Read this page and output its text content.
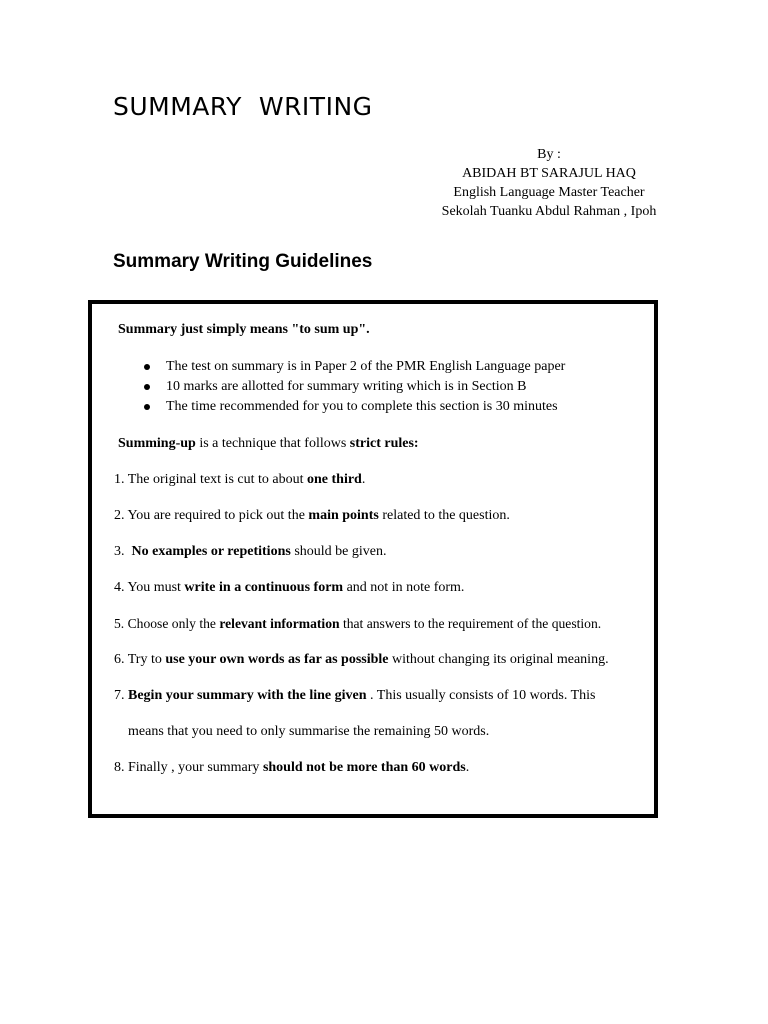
SUMMARY  WRITING
By :
ABIDAH BT SARAJUL HAQ
English Language Master Teacher
Sekolah Tuanku Abdul Rahman , Ipoh
Summary Writing Guidelines
Summary just simply means "to sum up".
The test on summary is in Paper 2 of the PMR English Language paper
10 marks are allotted for summary writing which is in Section B
The time recommended for you to complete this section is 30 minutes
Summing-up is a technique that follows strict rules:
1. The original text is cut to about one third.
2. You are required to pick out the main points related to the question.
3.  No examples or repetitions should be given.
4. You must write in a continuous form and not in note form.
5. Choose only the relevant information that answers to the requirement of the question.
6. Try to use your own words as far as possible without changing its original meaning.
7. Begin your summary with the line given . This usually consists of 10 words. This
means that you need to only summarise the remaining 50 words.
8. Finally , your summary should not be more than 60 words.
